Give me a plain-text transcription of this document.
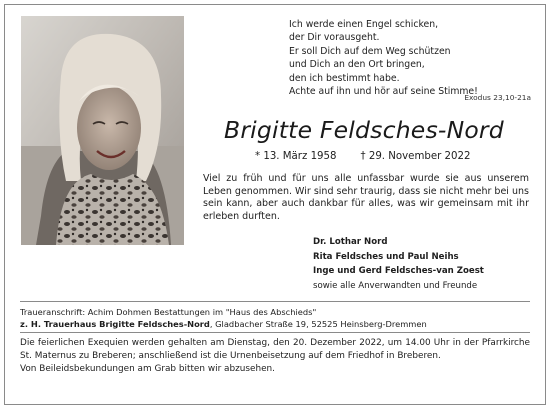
Ich werde einen Engel schicken,
der Dir vorausgeht.
Er soll Dich auf dem Weg schützen
und Dich an den Ort bringen,
den ich bestimmt habe.
Achte auf ihn und hör auf seine Stimme!
Exodus 23,10-21a
Brigitte Feldsches-Nord
* 13. März 1958 † 29. November 2022
Viel zu früh und für uns alle unfassbar wurde sie aus unserem Leben genommen. Wir sind sehr traurig, dass sie nicht mehr bei uns sein kann, aber auch dankbar für alles, was wir gemeinsam mit ihr erleben durften.
Dr. Lothar Nord
Rita Feldsches und Paul Neihs
Inge und Gerd Feldsches-van Zoest
sowie alle Anverwandten und Freunde
Traueranschrift: Achim Dohmen Bestattungen im "Haus des Abschieds"
z. H. Trauerhaus Brigitte Feldsches-Nord, Gladbacher Straße 19, 52525 Heinsberg-Dremmen
Die feierlichen Exequien werden gehalten am Dienstag, den 20. Dezember 2022, um 14.00 Uhr in der Pfarrkirche St. Maternus zu Breberen; anschließend ist die Urnenbeisetzung auf dem Friedhof in Breberen.
Von Beileidsbekundungen am Grab bitten wir abzusehen.
